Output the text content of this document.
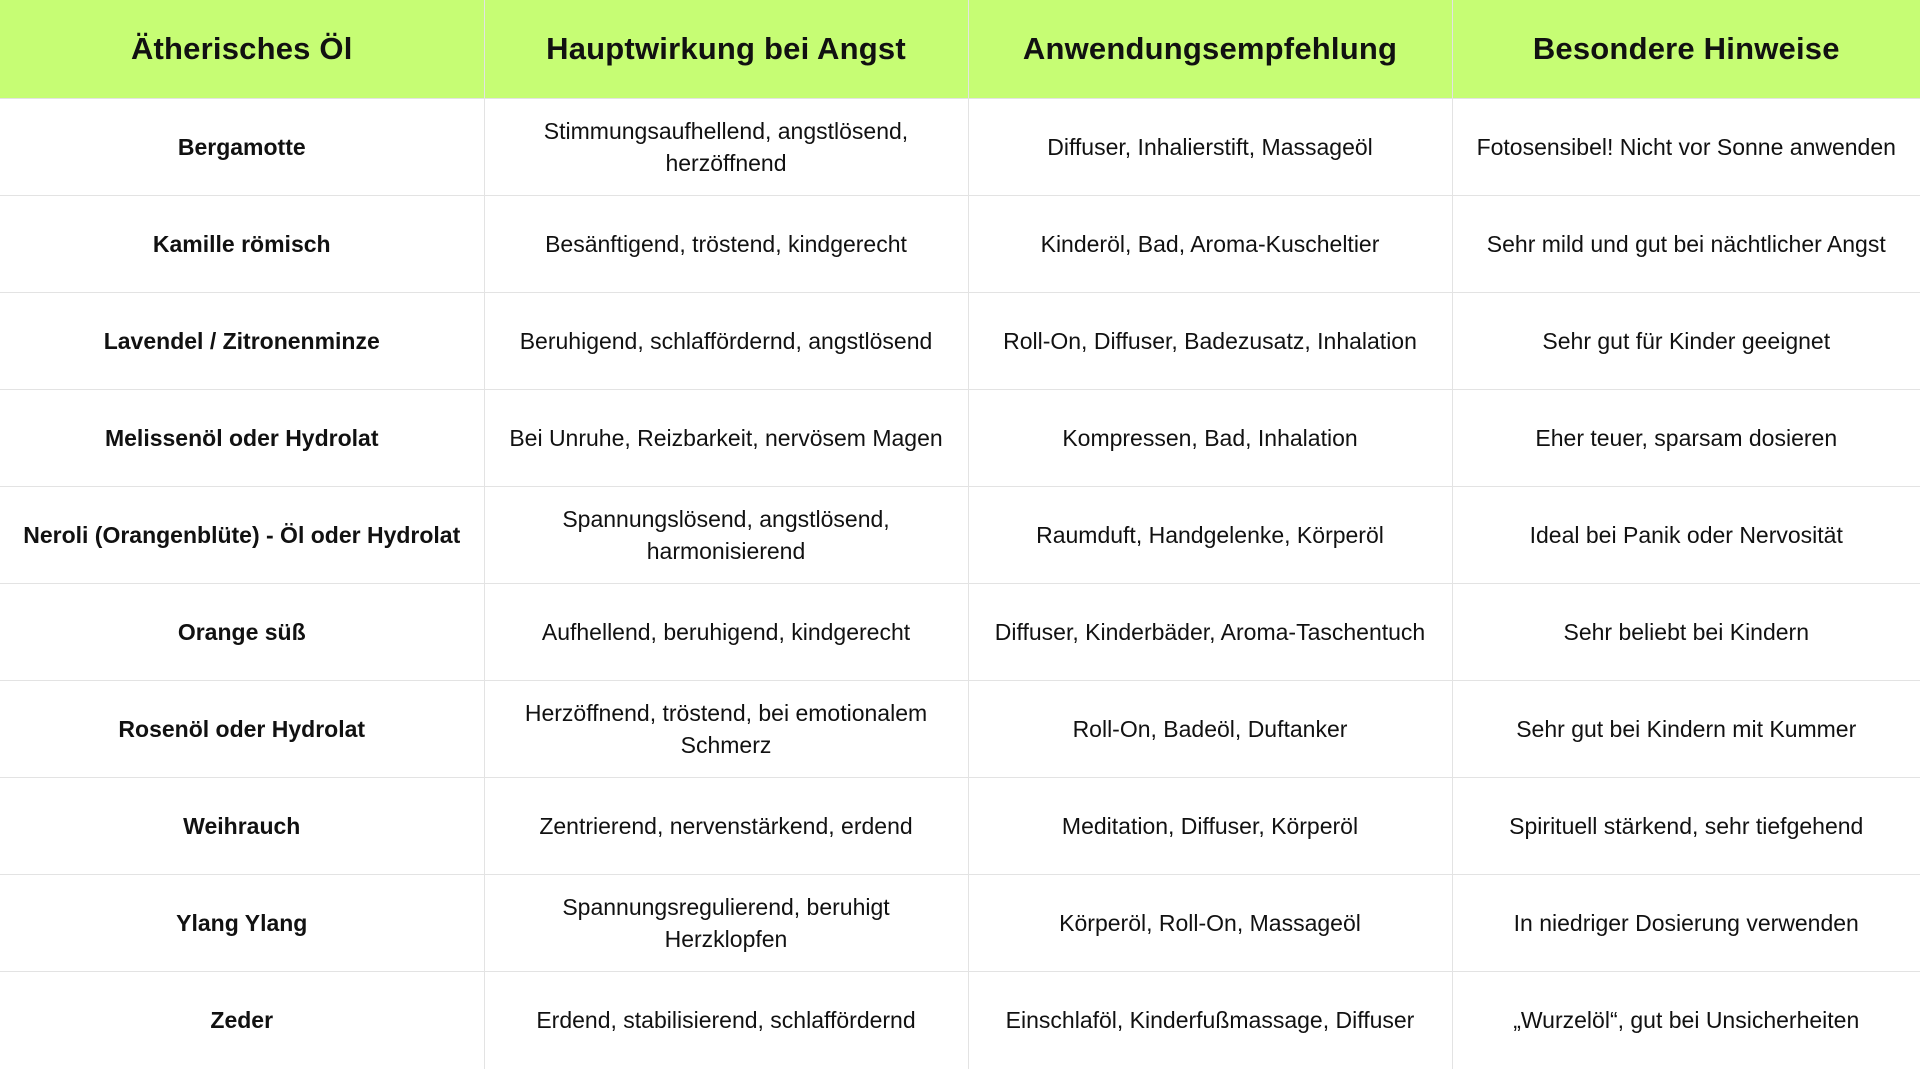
Ätherisches Öl	Hauptwirkung bei Angst	Anwendungsempfehlung	Besondere Hinweise
Bergamotte	Stimmungsaufhellend, angstlösend, herzöffnend	Diffuser, Inhalierstift, Massageöl	Fotosensibel! Nicht vor Sonne anwenden
Kamille römisch	Besänftigend, tröstend, kindgerecht	Kinderöl, Bad, Aroma-Kuscheltier	Sehr mild und gut bei nächtlicher Angst
Lavendel / Zitronenminze	Beruhigend, schlaffördernd, angstlösend	Roll-On, Diffuser, Badezusatz, Inhalation	Sehr gut für Kinder geeignet
Melissenöl oder Hydrolat	Bei Unruhe, Reizbarkeit, nervösem Magen	Kompressen, Bad, Inhalation	Eher teuer, sparsam dosieren
Neroli (Orangenblüte) - Öl oder Hydrolat	Spannungslösend, angstlösend, harmonisierend	Raumduft, Handgelenke, Körperöl	Ideal bei Panik oder Nervosität
Orange süß	Aufhellend, beruhigend, kindgerecht	Diffuser, Kinderbäder, Aroma-Taschentuch	Sehr beliebt bei Kindern
Rosenöl oder Hydrolat	Herzöffnend, tröstend, bei emotionalem Schmerz	Roll-On, Badeöl, Duftanker	Sehr gut bei Kindern mit Kummer
Weihrauch	Zentrierend, nervenstärkend, erdend	Meditation, Diffuser, Körperöl	Spirituell stärkend, sehr tiefgehend
Ylang Ylang	Spannungsregulierend, beruhigt Herzklopfen	Körperöl, Roll-On, Massageöl	In niedriger Dosierung verwenden
Zeder	Erdend, stabilisierend, schlaffördernd	Einschlaföl, Kinderfußmassage, Diffuser	„Wurzelöl“, gut bei Unsicherheiten
